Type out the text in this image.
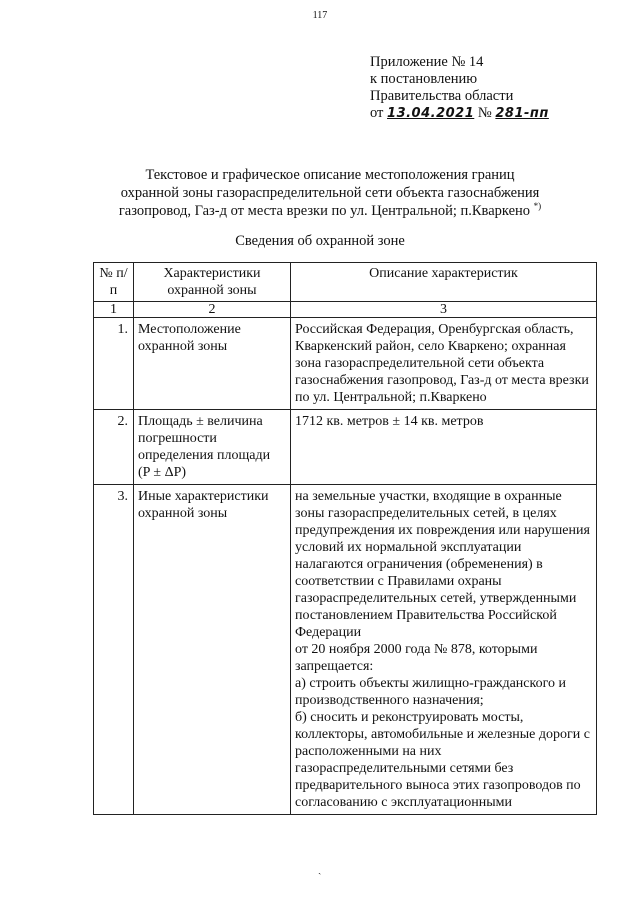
117
Приложение № 14
к постановлению
Правительства области
от 13.04.2021 № 281-пп
Текстовое и графическое описание местоположения границ
охранной зоны газораспределительной сети объекта газоснабжения
газопровод, Газ-д от места врезки по ул. Центральной; п.Кваркено *)
Сведения об охранной зоне
№ п/п	Характеристики охранной зоны	Описание характеристик
1	2	3
1.	Местоположение охранной зоны	Российская Федерация, Оренбургская область, Кваркенский район, село Кваркено; охранная зона газораспределительной сети объекта газоснабжения газопровод, Газ-д от места врезки по ул. Центральной; п.Кваркено
2.	Площадь ± величина погрешности определения площади (P ± ΔP)	1712 кв. метров ± 14 кв. метров
3.	Иные характеристики охранной зоны	на земельные участки, входящие в охранные зоны газораспределительных сетей, в целях предупреждения их повреждения или нарушения условий их нормальной эксплуатации налагаются ограничения (обременения) в соответствии с Правилами охраны газораспределительных сетей, утвержденными постановлением Правительства Российской Федерации
от 20 ноября 2000 года № 878, которыми запрещается:
а) строить объекты жилищно-гражданского и производственного назначения;
б) сносить и реконструировать мосты, коллекторы, автомобильные и железные дороги с расположенными на них газораспределительными сетями без предварительного выноса этих газопроводов по согласованию с эксплуатационными
ˎ
